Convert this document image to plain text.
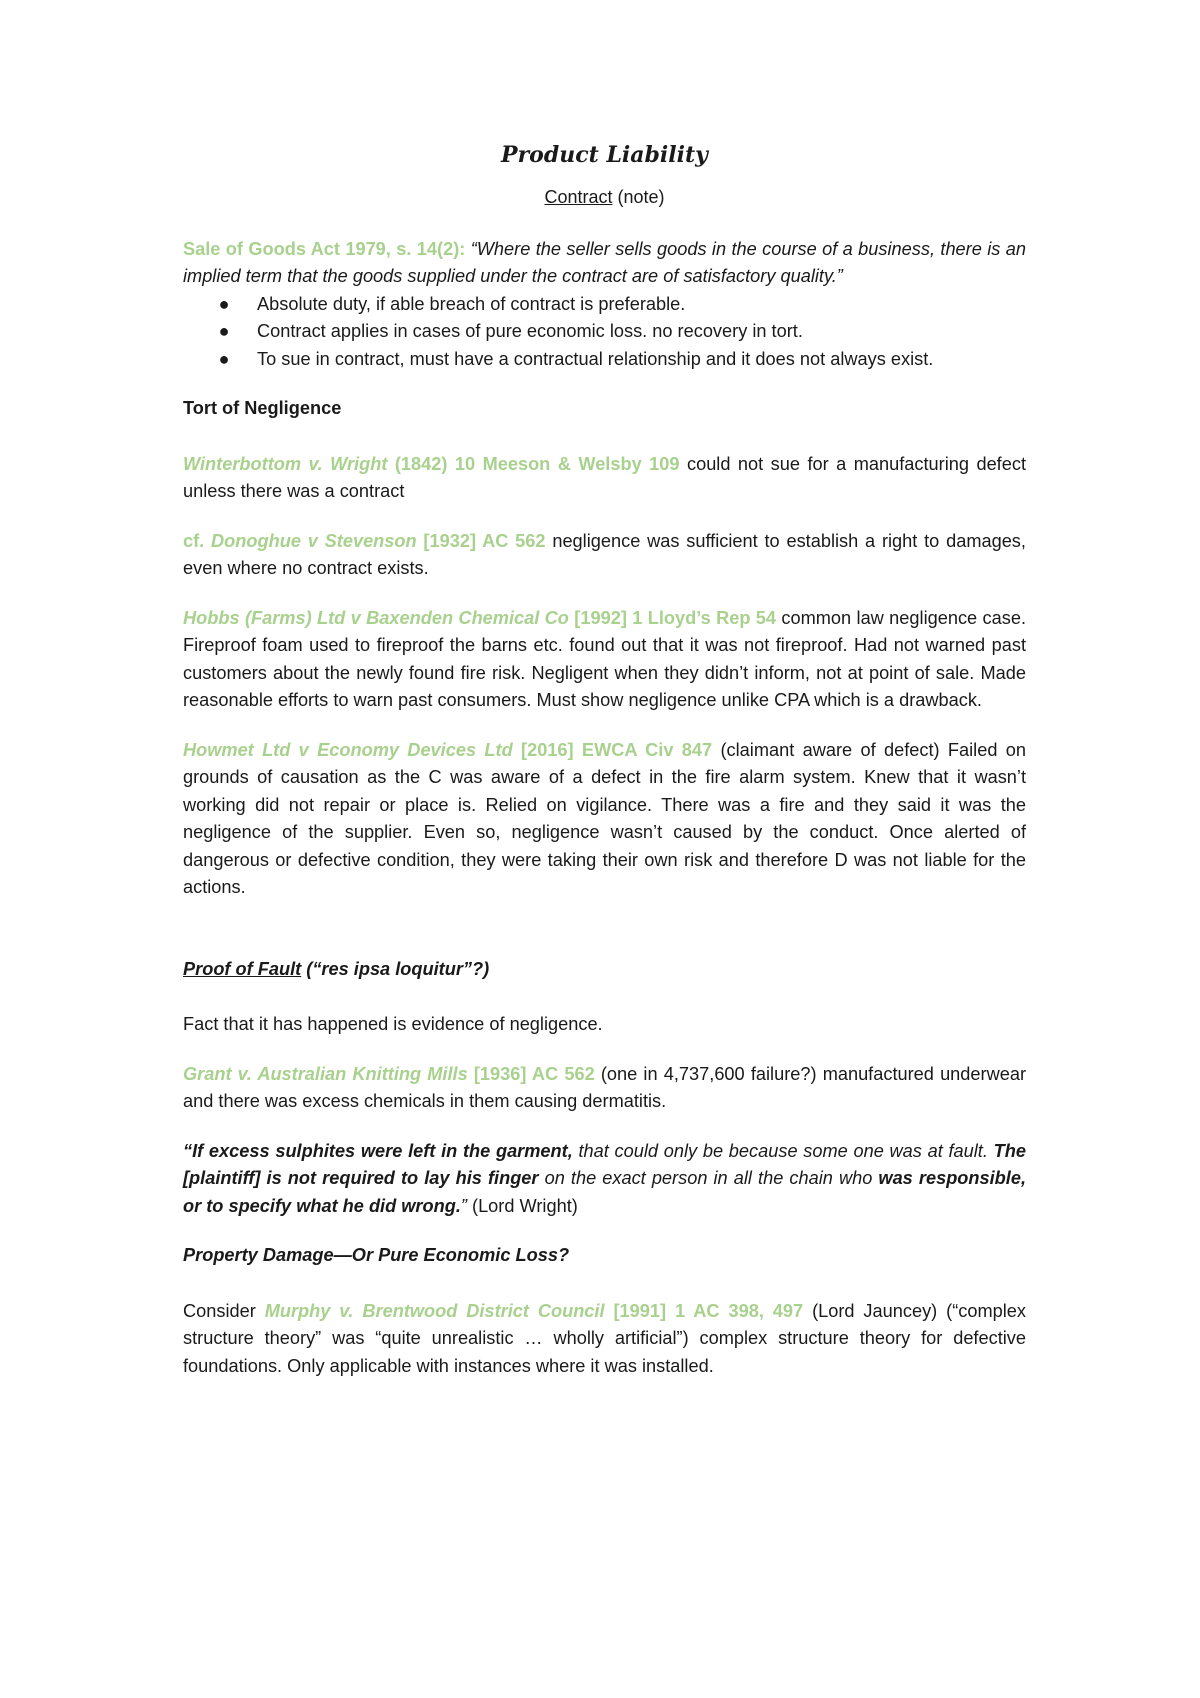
Product Liability
Contract (note)

Sale of Goods Act 1979, s. 14(2): “Where the seller sells goods in the course of a business, there is an implied term that the goods supplied under the contract are of satisfactory quality.”

● Absolute duty, if able breach of contract is preferable.
● Contract applies in cases of pure economic loss. no recovery in tort.
● To sue in contract, must have a contractual relationship and it does not always exist.

Tort of Negligence

Winterbottom v. Wright (1842) 10 Meeson & Welsby 109 could not sue for a manufacturing defect unless there was a contract

cf. Donoghue v Stevenson [1932] AC 562 negligence was sufficient to establish a right to damages, even where no contract exists.

Hobbs (Farms) Ltd v Baxenden Chemical Co [1992] 1 Lloyd’s Rep 54 common law negligence case. Fireproof foam used to fireproof the barns etc. found out that it was not fireproof. Had not warned past customers about the newly found fire risk. Negligent when they didn’t inform, not at point of sale. Made reasonable efforts to warn past consumers. Must show negligence unlike CPA which is a drawback.

Howmet Ltd v Economy Devices Ltd [2016] EWCA Civ 847 (claimant aware of defect) Failed on grounds of causation as the C was aware of a defect in the fire alarm system. Knew that it wasn’t working did not repair or place is. Relied on vigilance. There was a fire and they said it was the negligence of the supplier. Even so, negligence wasn’t caused by the conduct. Once alerted of dangerous or defective condition, they were taking their own risk and therefore D was not liable for the actions.

Proof of Fault (“res ipsa loquitur”?)

Fact that it has happened is evidence of negligence.

Grant v. Australian Knitting Mills [1936] AC 562 (one in 4,737,600 failure?) manufactured underwear and there was excess chemicals in them causing dermatitis.

“If excess sulphites were left in the garment, that could only be because some one was at fault. The [plaintiff] is not required to lay his finger on the exact person in all the chain who was responsible, or to specify what he did wrong.” (Lord Wright)

Property Damage—Or Pure Economic Loss?

Consider Murphy v. Brentwood District Council [1991] 1 AC 398, 497 (Lord Jauncey) (“complex structure theory” was “quite unrealistic … wholly artificial”) complex structure theory for defective foundations. Only applicable with instances where it was installed.
